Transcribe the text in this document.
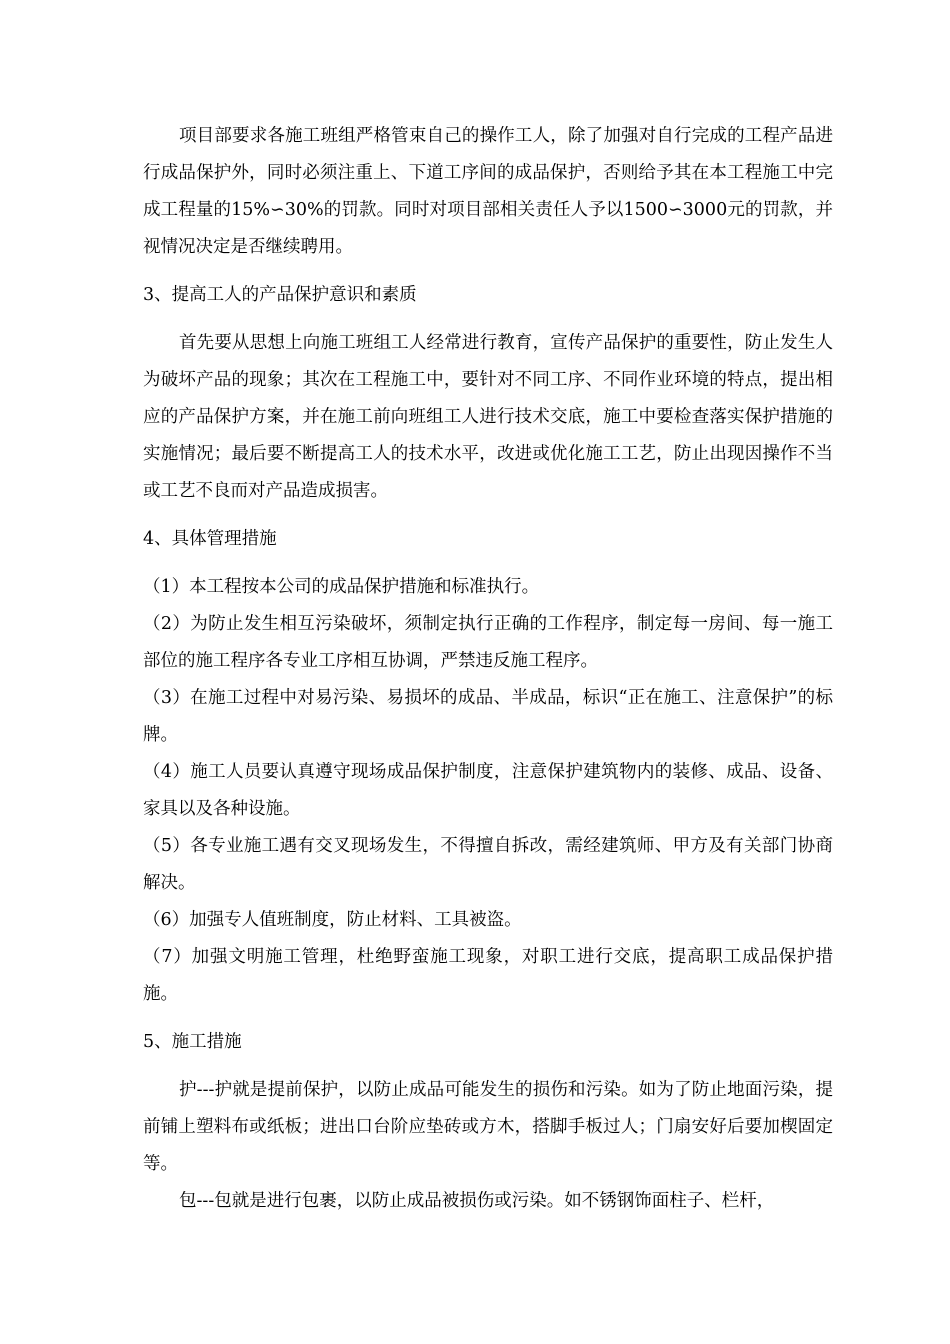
项目部要求各施工班组严格管束自己的操作工人，除了加强对自行完成的工程产品进行成品保护外，同时必须注重上、下道工序间的成品保护，否则给予其在本工程施工中完成工程量的15%∽30%的罚款。同时对项目部相关责任人予以1500∽3000元的罚款，并视情况决定是否继续聘用。

3、提高工人的产品保护意识和素质

首先要从思想上向施工班组工人经常进行教育，宣传产品保护的重要性，防止发生人为破坏产品的现象；其次在工程施工中，要针对不同工序、不同作业环境的特点，提出相应的产品保护方案，并在施工前向班组工人进行技术交底，施工中要检查落实保护措施的实施情况；最后要不断提高工人的技术水平，改进或优化施工工艺，防止出现因操作不当或工艺不良而对产品造成损害。

4、具体管理措施

（1）本工程按本公司的成品保护措施和标准执行。

（2）为防止发生相互污染破坏，须制定执行正确的工作程序，制定每一房间、每一施工部位的施工程序各专业工序相互协调，严禁违反施工程序。

（3）在施工过程中对易污染、易损坏的成品、半成品，标识“正在施工、注意保护”的标牌。

（4）施工人员要认真遵守现场成品保护制度，注意保护建筑物内的装修、成品、设备、家具以及各种设施。

（5）各专业施工遇有交叉现场发生，不得擅自拆改，需经建筑师、甲方及有关部门协商解决。

（6）加强专人值班制度，防止材料、工具被盗。

（7）加强文明施工管理，杜绝野蛮施工现象，对职工进行交底，提高职工成品保护措施。

5、施工措施

护---护就是提前保护，以防止成品可能发生的损伤和污染。如为了防止地面污染，提前铺上塑料布或纸板；进出口台阶应垫砖或方木，搭脚手板过人；门扇安好后要加楔固定等。

包---包就是进行包裹，以防止成品被损伤或污染。如不锈钢饰面柱子、栏杆，
